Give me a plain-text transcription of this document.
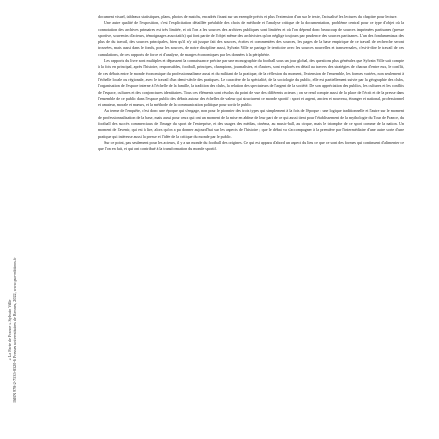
« La Parte de France » Sylvain Ville ISBN 978-2-7535-8320-6 Presses universitaires de Rennes, 2022, www.pur-editions.fr

document visuel, tableaux statistiques, plans, photos de matchs, encadrés fixant sur un exemple précis et plus l'extension d'un sur le texte, l'actualisé les lectures du chapitre pour lecture.

Une autre qualité de l'exposition, c'est l'explicitation détaillée préalable des choix de méthode et l'analyse critique de la documentation, problème central pour ce type d'objet où la connotation des archives primaires est très limitée, et où l'on a les sources des archives publiques sont limitées et où l'on dépend donc beaucoup de sources imprimées partisanes (presse sportive, souvenirs d'acteurs, témoignages associatifs) qui font partie de l'objet même des archivistes qu'on néglige toujours par prudence des sources partisanes. L'un des fondamentaux des plus de du travail, des sources principales, bien qu'il n'y ait jusque fait des sources, écrites et commentées des sources, les pages de la base empirique de ce travail de recherche seront trouvées, mais aussi dans le fonds, pour les sources, de notre discipline aussi, Sylvain Ville se partage le territoire avec les sources nouvelles et transversales, c'est-à-dire le travail de ces cumulations, de ces rapports de force et d'analyse, de marges économiques par les données à la périphérie.

Les rapports du livre sont multiples et dépassent la connaissance précise par une monographie du football sous un jour global, des questions plus générales que Sylvain Ville sait compte à la fois en principal, après l'histoire, responsables, football, principes, champions, journalistes, et d'autres, sont explorés en détail au travers des stratégies de chacun d'entre eux, le conflit, de ces débats entre le monde économique du professionnalisme aussi et du militant de la pratique, de la réflexion du moment, l'extension de l'ensemble, les formes variées, non seulement à l'échelle locale ou régionale, avec le travail d'un demi-siècle des pratiques. Le caractère de la spécialité, de la sociologie du public, elle est partiellement suivie par la géographie des clubs, l'organisation de l'espace interne à l'échelle de la famille, la tradition des clubs, la relation des spectateurs de l'argent de la société. De son appréciation des publics, les cultures et les conflits de l'espace, cultures et des conjonctures identitaires. Tous ces éléments sont résolus du point de vue des différents acteurs ; on se rend compte aussi de la place de l'écrit et de la presse dans l'ensemble de ce public dans l'espace public des débats autour des échelles de valeur qui structurent ce monde sportif : sport et argent, ancien et nouveau, étranger et national, professionnel et amateur, morale et mœurs, et la méthode de la communication politique pour sortir le public.

Au terme de l'enquête, c'est donc une époque qui s'engage, non pour le pionnier des trois types qui simplement à la fois de l'époque : une logique traditionnelle et l'autre sur le moment de professionnalisation de la base, mais aussi pour ceux qui ont un moment de la mise en abîme de leur part de ce qui aussi tient pour l'établissement de la mythologie du Tour de France, du football des succès commerciaux de l'image du sport de l'entreprise, et des usages des médias, cinéma, au music-hall, au cirque, mais le triomphe de ce sport comme de la nation. Un moment de l'avenir, qui est à lire, alors qu'on a pu donner aujourd'hui sur les aspects de l'histoire ; que le débat va s'accompagner à la première par l'intermédiaire d'une autre sorte d'une pratique qui intéresse aussi la presse et l'idée de la critique du monde par le public.

Sur ce point, pas seulement pour les acteurs, il y a un monde du football des origines. Ce qui est apparu d'abord un aspect du lieu ce que ce sont des formes qui continuent d'alimenter ce que l'on en fait, et qui ont contribué à la transformation du monde sportif.
